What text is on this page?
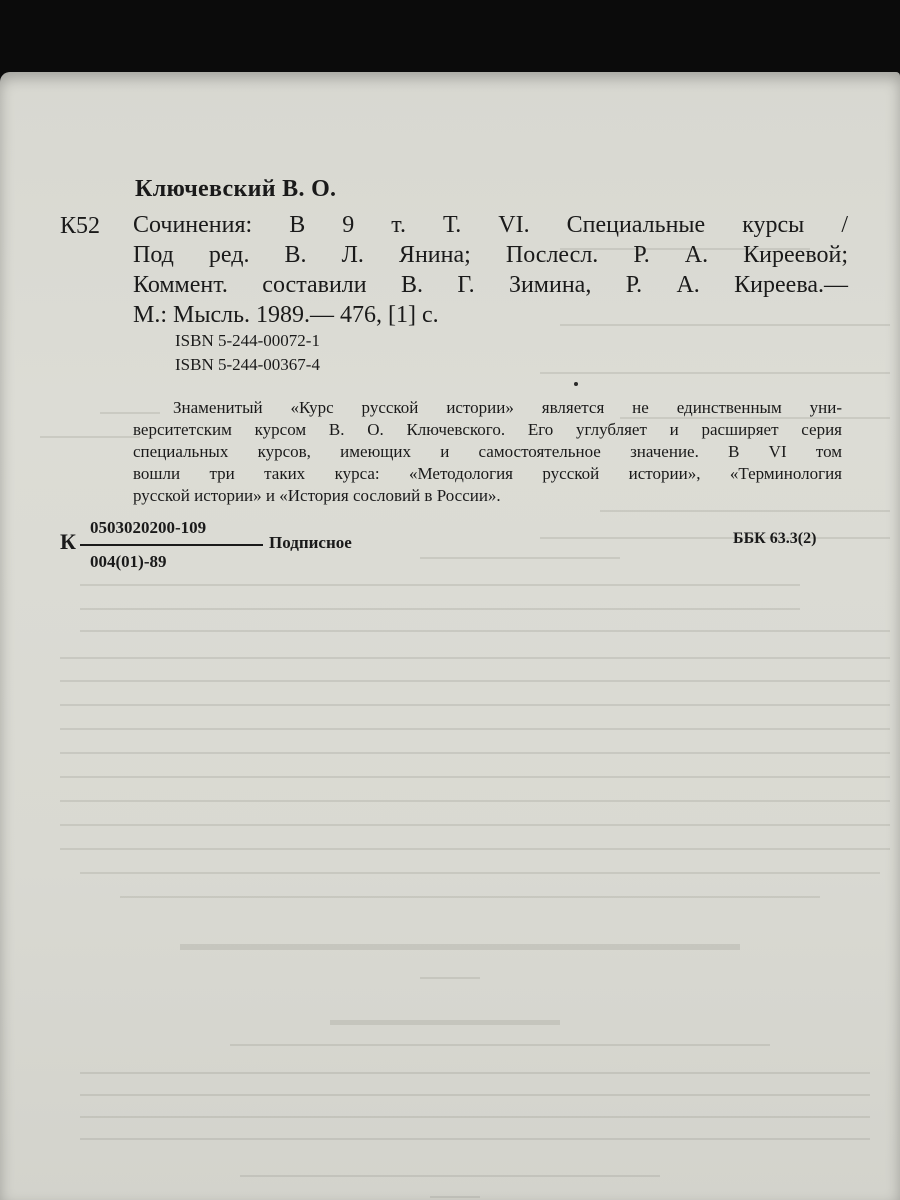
Ключевский В. О.
К52 Сочинения: В 9 т. Т. VI. Специальные курсы /
Под ред. В. Л. Янина; Послесл. Р. А. Киреевой;
Коммент. составили В. Г. Зимина, Р. А. Киреева.—
М.: Мысль. 1989.— 476, [1] с.
ISBN 5-244-00072-1
ISBN 5-244-00367-4
Знаменитый «Курс русской истории» является не единственным уни-
верситетским курсом В. О. Ключевского. Его углубляет и расширяет серия
специальных курсов, имеющих и самостоятельное значение. В VI том
вошли три таких курса: «Методология русской истории», «Терминология
русской истории» и «История сословий в России».
К
0503020200-109
004(01)-89
Подписное	ББК 63.3(2)
